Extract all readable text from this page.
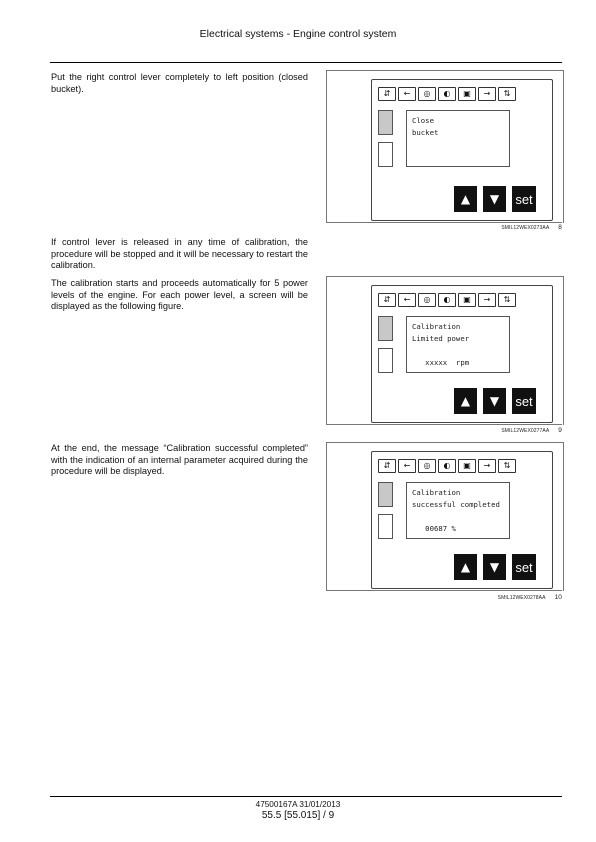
Electrical systems - Engine control system
Put the right control lever completely to left position (closed bucket).
If control lever is released in any time of calibration, the procedure will be stopped and it will be necessary to restart the calibration.
The calibration starts and proceeds automatically for 5 power levels of the engine. For each power level, a screen will be displayed as the following figure.
At the end, the message “Calibration successful completed” with the indication of an internal parameter acquired during the procedure will be displayed.
⇵	←	◎	◐	▣	→	⇅
Close
bucket
▲	▼	set
SMIL12WEX0273AA 8
⇵	←	◎	◐	▣	→	⇅
Calibration
Limited power

xxxxx  rpm
▲	▼	set
SMIL12WEX0277AA 9
⇵	←	◎	◐	▣	→	⇅
Calibration
successful completed

00687 %
▲	▼	set
SMIL12WEX0278AA 10
47500167A 31/01/2013
55.5 [55.015] / 9
